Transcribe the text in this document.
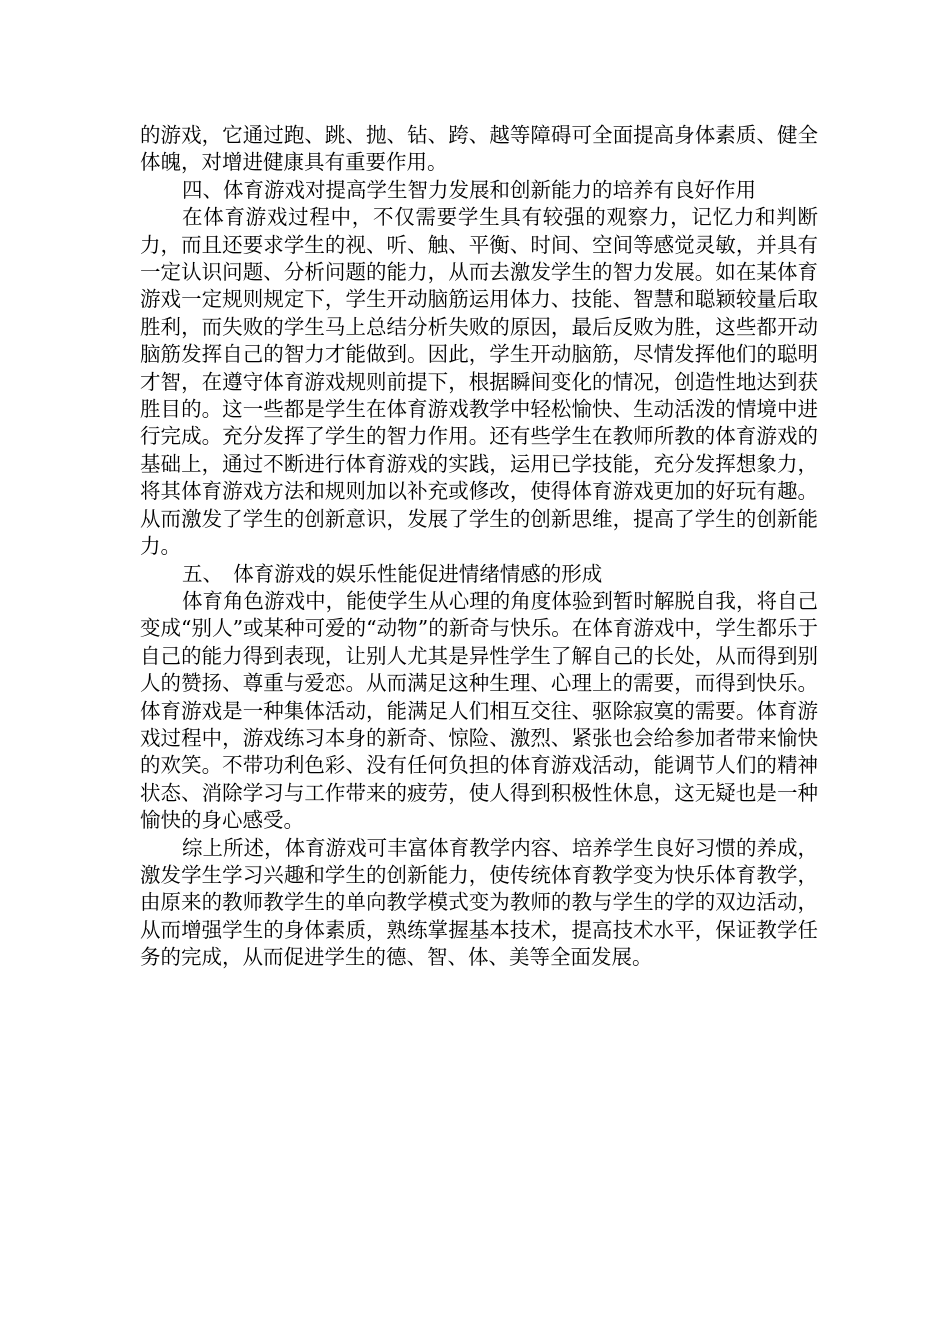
的游戏，它通过跑、跳、抛、钻、跨、越等障碍可全面提高身体素质、健全体魄，对增进健康具有重要作用。

四、体育游戏对提高学生智力发展和创新能力的培养有良好作用

在体育游戏过程中，不仅需要学生具有较强的观察力，记忆力和判断力，而且还要求学生的视、听、触、平衡、时间、空间等感觉灵敏，并具有一定认识问题、分析问题的能力，从而去激发学生的智力发展。如在某体育游戏一定规则规定下，学生开动脑筋运用体力、技能、智慧和聪颖较量后取胜利，而失败的学生马上总结分析失败的原因，最后反败为胜，这些都开动脑筋发挥自己的智力才能做到。因此，学生开动脑筋，尽情发挥他们的聪明才智，在遵守体育游戏规则前提下，根据瞬间变化的情况，创造性地达到获胜目的。这一些都是学生在体育游戏教学中轻松愉快、生动活泼的情境中进行完成。充分发挥了学生的智力作用。还有些学生在教师所教的体育游戏的基础上，通过不断进行体育游戏的实践，运用已学技能，充分发挥想象力，将其体育游戏方法和规则加以补充或修改，使得体育游戏更加的好玩有趣。从而激发了学生的创新意识，发展了学生的创新思维，提高了学生的创新能力。

五、　体育游戏的娱乐性能促进情绪情感的形成

体育角色游戏中，能使学生从心理的角度体验到暂时解脱自我，将自己变成“别人”或某种可爱的“动物”的新奇与快乐。在体育游戏中，学生都乐于自己的能力得到表现，让别人尤其是异性学生了解自己的长处，从而得到别人的赞扬、尊重与爱恋。从而满足这种生理、心理上的需要，而得到快乐。体育游戏是一种集体活动，能满足人们相互交往、驱除寂寞的需要。体育游戏过程中，游戏练习本身的新奇、惊险、激烈、紧张也会给参加者带来愉快的欢笑。不带功利色彩、没有任何负担的体育游戏活动，能调节人们的精神状态、消除学习与工作带来的疲劳，使人得到积极性休息，这无疑也是一种愉快的身心感受。

综上所述，体育游戏可丰富体育教学内容、培养学生良好习惯的养成，激发学生学习兴趣和学生的创新能力，使传统体育教学变为快乐体育教学，由原来的教师教学生的单向教学模式变为教师的教与学生的学的双边活动，从而增强学生的身体素质，熟练掌握基本技术，提高技术水平，保证教学任务的完成，从而促进学生的德、智、体、美等全面发展。
